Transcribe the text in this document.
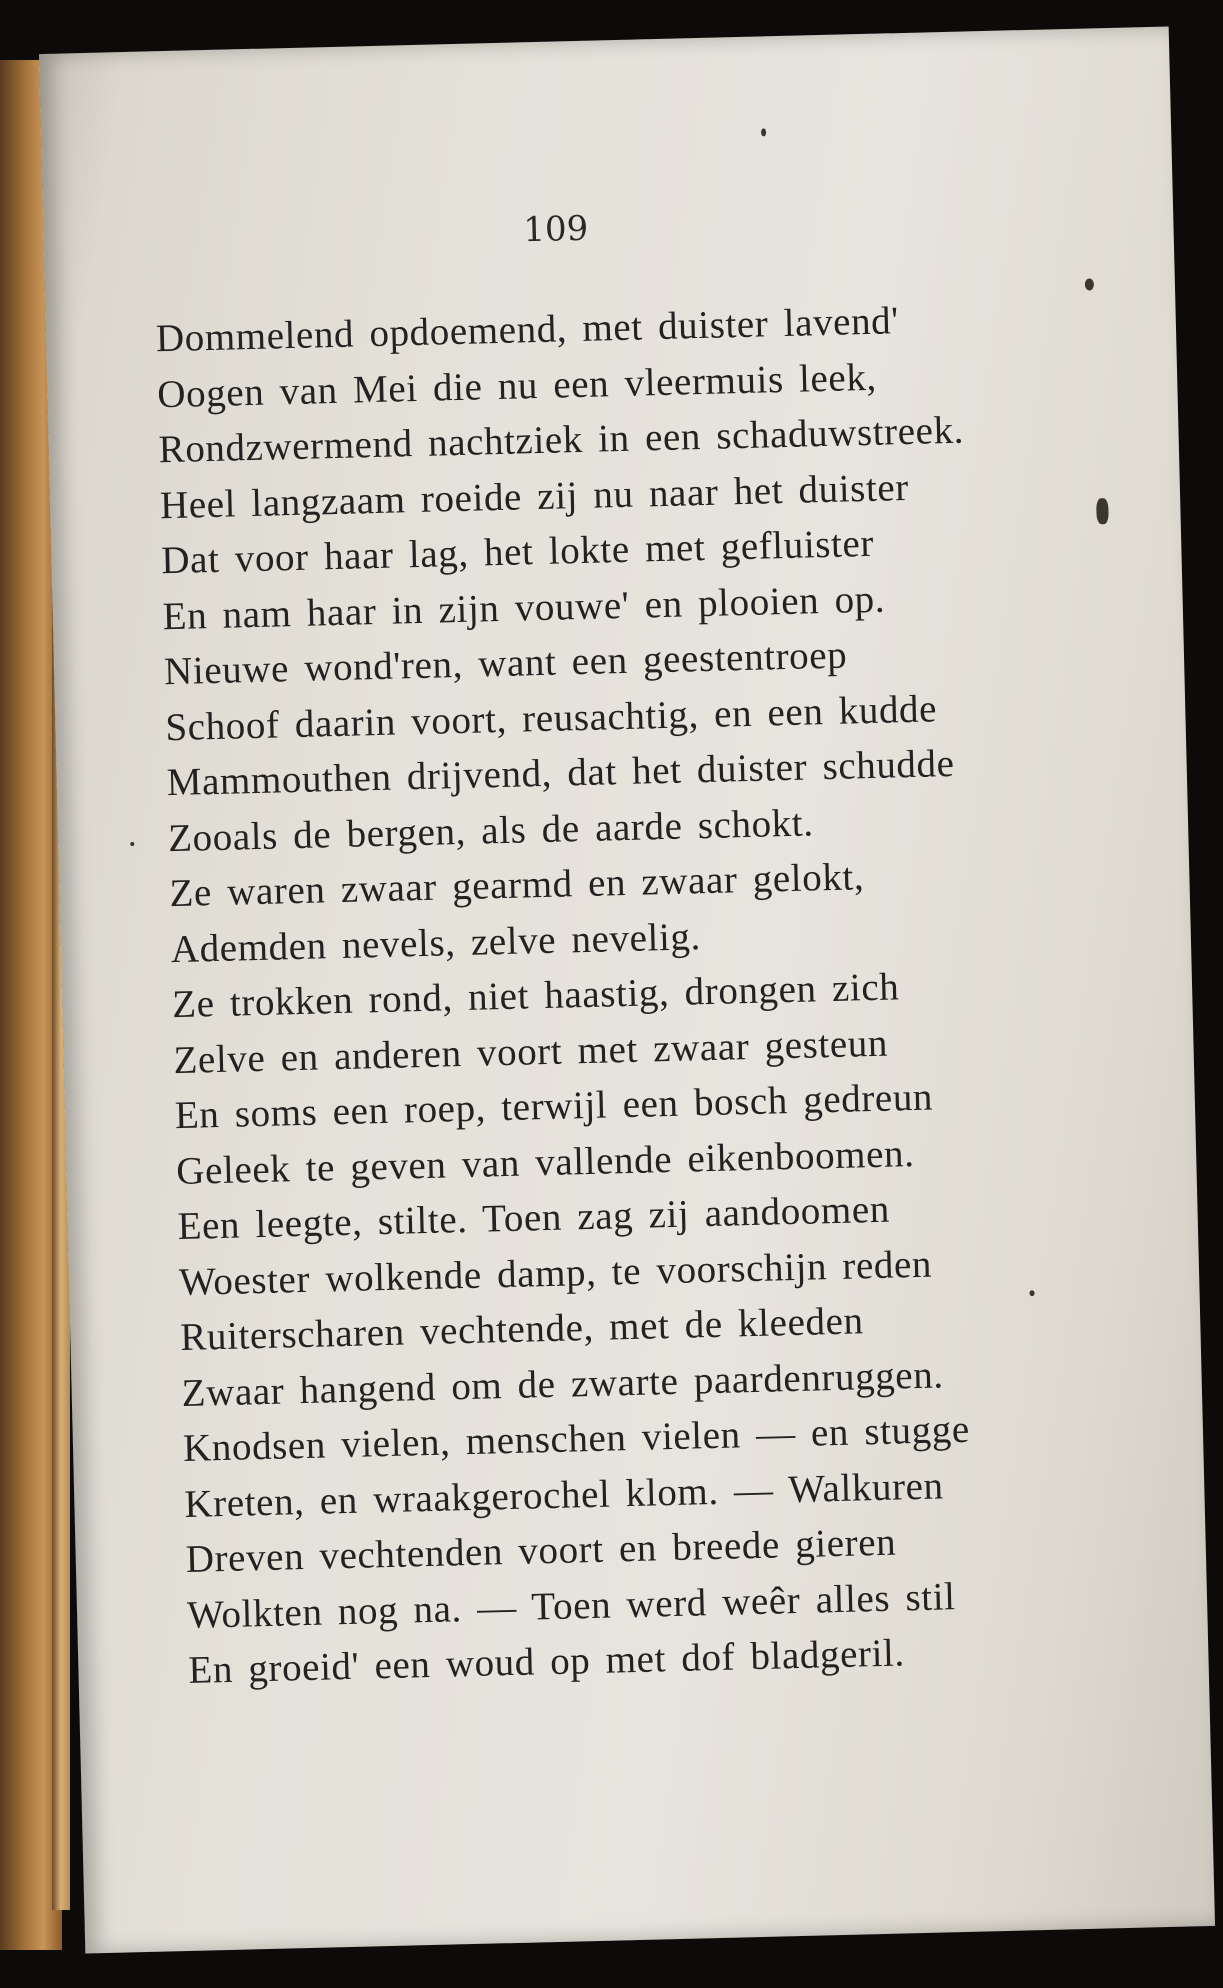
109
Dommelend opdoemend, met duister lavend'
Oogen van Mei die nu een vleermuis leek,
Rondzwermend nachtziek in een schaduwstreek.
Heel langzaam roeide zij nu naar het duister
Dat voor haar lag, het lokte met gefluister
En nam haar in zijn vouwe' en plooien op.
Nieuwe wond'ren, want een geestentroep
Schoof daarin voort, reusachtig, en een kudde
Mammouthen drijvend, dat het duister schudde
Zooals de bergen, als de aarde schokt.
Ze waren zwaar gearmd en zwaar gelokt,
Ademden nevels, zelve nevelig.
Ze trokken rond, niet haastig, drongen zich
Zelve en anderen voort met zwaar gesteun
En soms een roep, terwijl een bosch gedreun
Geleek te geven van vallende eikenboomen.
Een leegte, stilte. Toen zag zij aandoomen
Woester wolkende damp, te voorschijn reden
Ruiterscharen vechtende, met de kleeden
Zwaar hangend om de zwarte paardenruggen.
Knodsen vielen, menschen vielen — en stugge
Kreten, en wraakgerochel klom. — Walkuren
Dreven vechtenden voort en breede gieren
Wolkten nog na. — Toen werd weêr alles stil
En groeid' een woud op met dof bladgeril.
